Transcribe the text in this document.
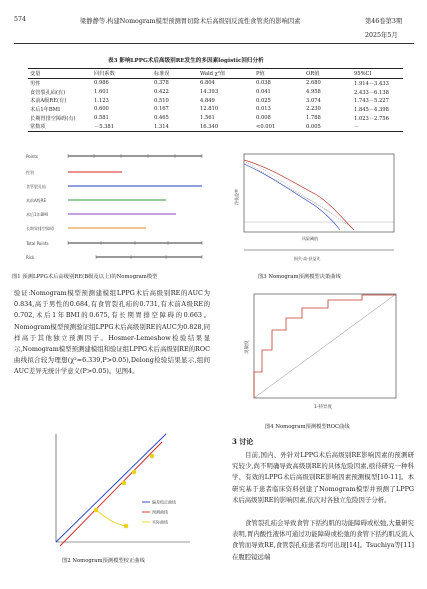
574	梁静静等.构建Nomogram模型预测胃切除术后高级别反流性食管炎的影响因素	第46卷第3期
2025年5月
表3 影响LPPG术后高级别RE发生的多因素logistic回归分析
变量	回归系数	标准误	Wald χ²值	P值	OR值	95%CI
男性	0.986	0.378	6.804	0.038	2.680	1.914－3.433
食管裂孔疝(有)	1.601	0.422	14.393	0.041	4.958	2.433－6.138
术前A级RE(有)	1.123	0.510	4.849	0.025	3.074	1.743－5.227
术后1年BMI	0.600	0.167	12.810	0.013	2.230	1.845－4.398
长期胃排空障碍(有)	0.581	0.465	1.561	0.008	1.788	1.023－2.756
常数项	－5.381	1.314	16.340	<0.001	0.005	－
Points
性别
食管裂孔疝
术前A级RE
术后1年BMI
长期胃排空障碍
Total Points
Risk
图1 预测LPPG术后高级别RE(B级及以上)的Nomogram模型
风险阈值
净获益率
损失·高·获益比
图3 Nomogram预测模型决策曲线
验证:Nomogram模型预测建模组LPPG术后高级别RE的AUC为0.834,高于男性的0.684,有食管裂孔疝的0.731,有术前A级RE的0.702,术后1年BMI的0.675,有长期胃排空障碍的0.663。Nomogram模型预测验证组LPPG术后高级别RE的AUC为0.828,同样高于其他独立预测因子。Hosmer-Lemeshow检验结果显示,Nomogram模型预测建模组和验证组LPPG术后高级别RE的ROC曲线拟合较为理想(χ²=6.339,P>0.05),Delong检验结果显示,组间AUC差异无统计学意义(P>0.05)。见图4。
1-特异度
灵敏度
图4 Nomogram预测模型ROC曲线
3 讨论
目前,国内、外针对LPPG术后高级别RE影响因素的预测研究较少,尚不明确导致高级别RE的具体危险因素,亟待研究一种科学、有效的LPPG术后高级别RE影响因素预测模型[10-11]。本研究基于患者临床资料创建了Nomogram模型并预测了LPPG术后高级别RE的影响因素,依次对各独立危险因子分析。
食管裂孔疝会导致食管下括约肌的功能障碍或松弛,大量研究表明,胃内酸性液体可通过功能障碍或松弛的食管下括约肌反流入食管而导致RE,食管裂孔疝患者均可出现[14]。Tsuchiya等[11]在腹腔镜远端
偏差校正曲线
预测曲线
实际曲线
图2 Nomogram预测模型校正曲线
